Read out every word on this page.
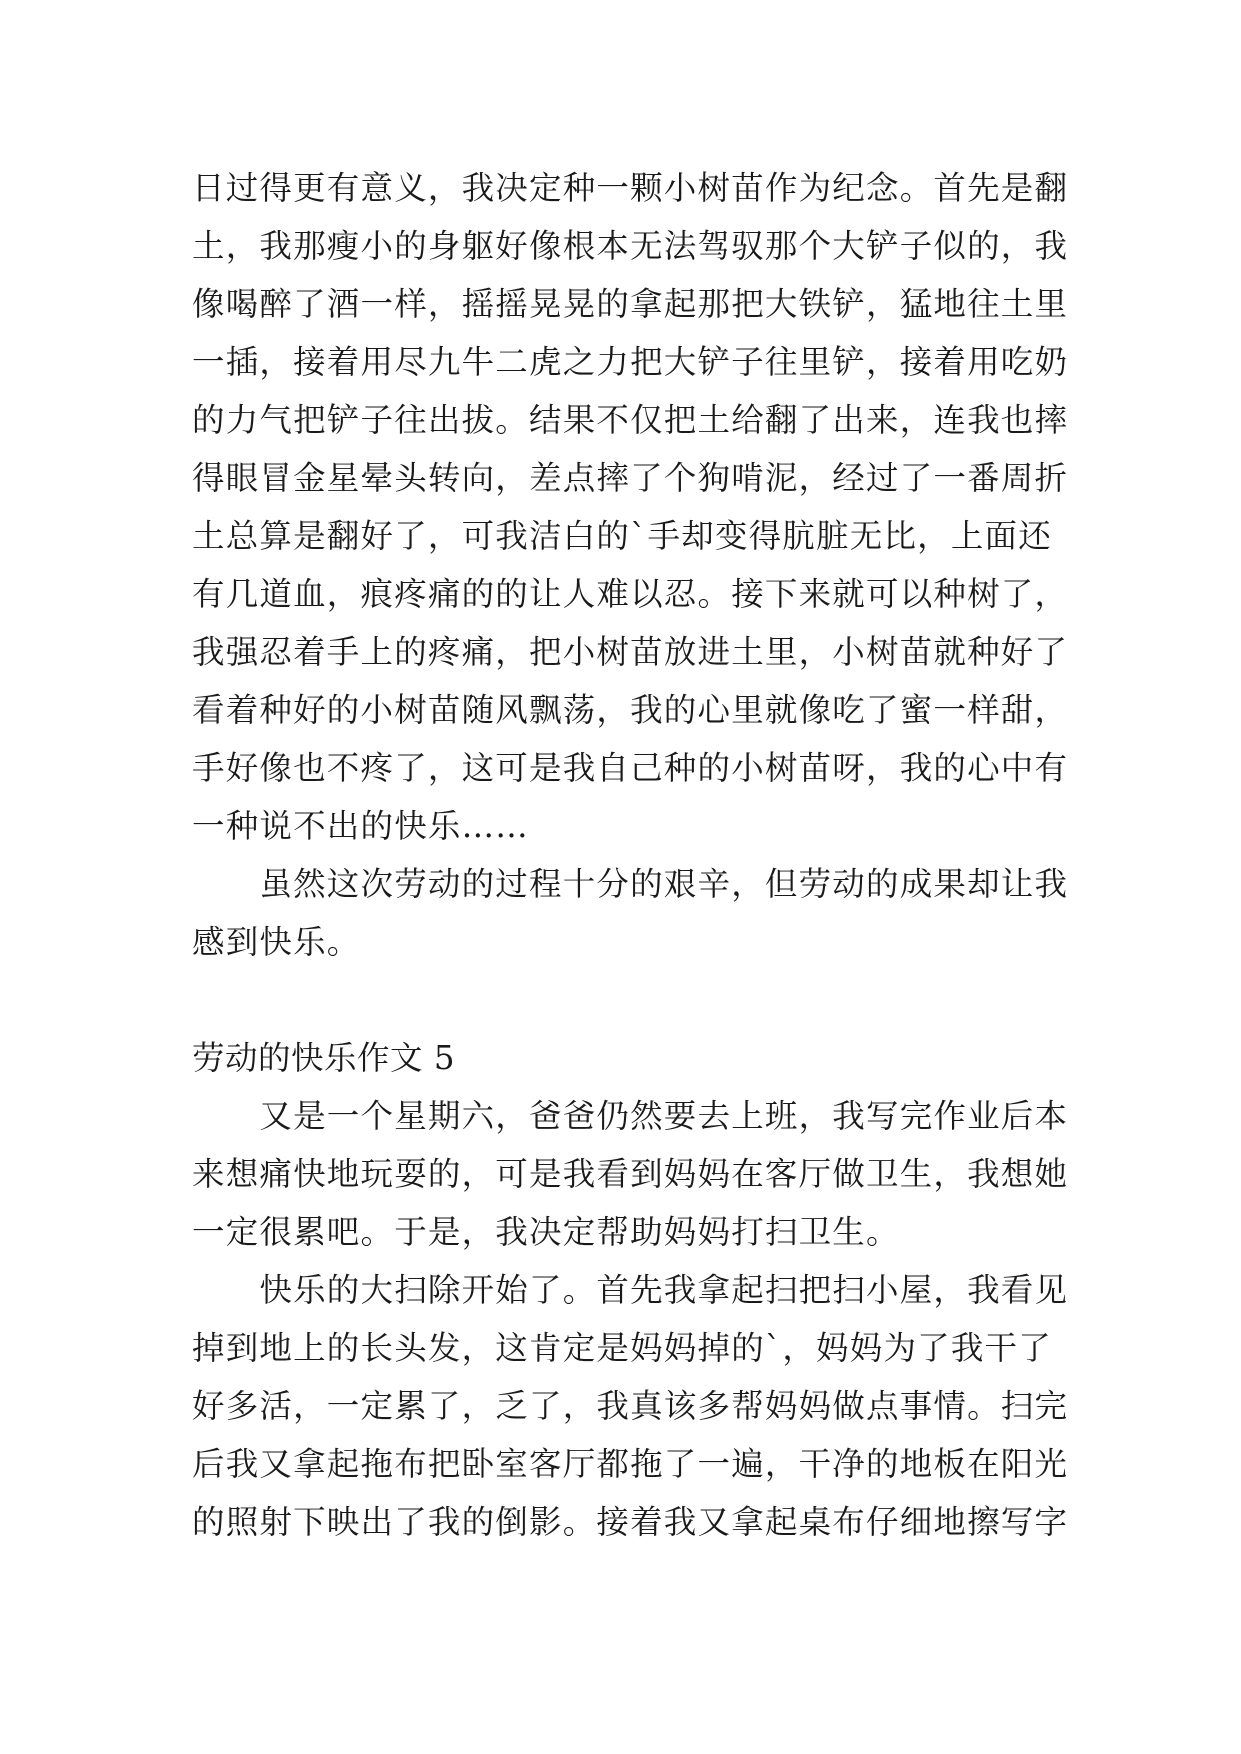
日过得更有意义，我决定种一颗小树苗作为纪念。首先是翻
土，我那瘦小的身躯好像根本无法驾驭那个大铲子似的，我
像喝醉了酒一样，摇摇晃晃的拿起那把大铁铲，猛地往土里
一插，接着用尽九牛二虎之力把大铲子往里铲，接着用吃奶
的力气把铲子往出拔。结果不仅把土给翻了出来，连我也摔
得眼冒金星晕头转向，差点摔了个狗啃泥，经过了一番周折
土总算是翻好了，可我洁白的`手却变得肮脏无比，上面还
有几道血，痕疼痛的的让人难以忍。接下来就可以种树了，
我强忍着手上的疼痛，把小树苗放进土里，小树苗就种好了
看着种好的小树苗随风飘荡，我的心里就像吃了蜜一样甜，
手好像也不疼了，这可是我自己种的小树苗呀，我的心中有
一种说不出的快乐……
　　虽然这次劳动的过程十分的艰辛，但劳动的成果却让我
感到快乐。
劳动的快乐作文 5
　　又是一个星期六，爸爸仍然要去上班，我写完作业后本
来想痛快地玩耍的，可是我看到妈妈在客厅做卫生，我想她
一定很累吧。于是，我决定帮助妈妈打扫卫生。
　　快乐的大扫除开始了。首先我拿起扫把扫小屋，我看见
掉到地上的长头发，这肯定是妈妈掉的`，妈妈为了我干了
好多活，一定累了，乏了，我真该多帮妈妈做点事情。扫完
后我又拿起拖布把卧室客厅都拖了一遍，干净的地板在阳光
的照射下映出了我的倒影。接着我又拿起桌布仔细地擦写字
